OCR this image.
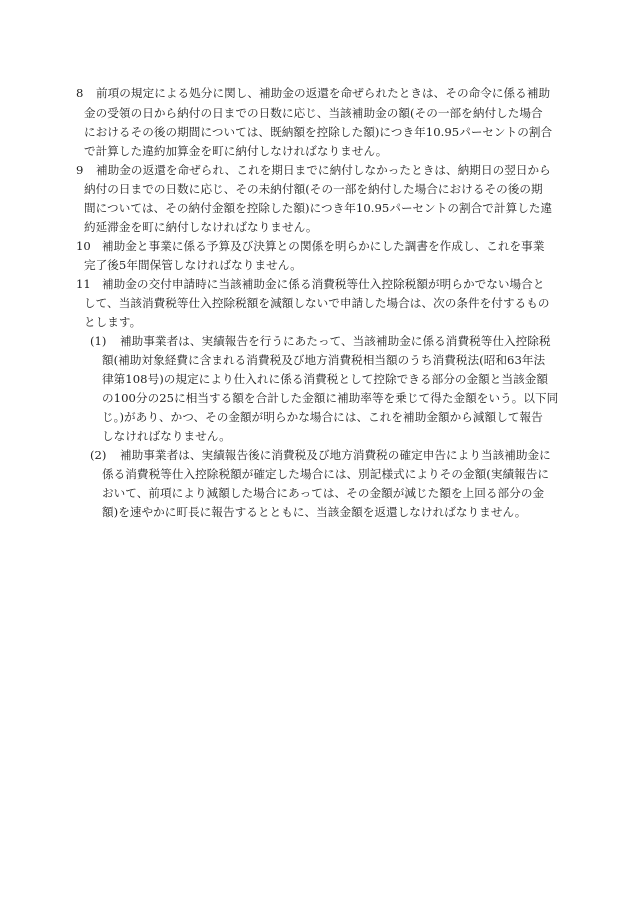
8 前項の規定による処分に関し、補助金の返還を命ぜられたときは、その命令に係る補助
金の受領の日から納付の日までの日数に応じ、当該補助金の額(その一部を納付した場合
におけるその後の期間については、既納額を控除した額)につき年10.95パーセントの割合
で計算した違約加算金を町に納付しなければなりません。
9 補助金の返還を命ぜられ、これを期日までに納付しなかったときは、納期日の翌日から
納付の日までの日数に応じ、その未納付額(その一部を納付した場合におけるその後の期
間については、その納付金額を控除した額)につき年10.95パーセントの割合で計算した違
約延滞金を町に納付しなければなりません。
10 補助金と事業に係る予算及び決算との関係を明らかにした調書を作成し、これを事業
完了後5年間保管しなければなりません。
11 補助金の交付申請時に当該補助金に係る消費税等仕入控除税額が明らかでない場合と
して、当該消費税等仕入控除税額を減額しないで申請した場合は、次の条件を付するもの
とします。
(1) 補助事業者は、実績報告を行うにあたって、当該補助金に係る消費税等仕入控除税
額(補助対象経費に含まれる消費税及び地方消費税相当額のうち消費税法(昭和63年法
律第108号)の規定により仕入れに係る消費税として控除できる部分の金額と当該金額
の100分の25に相当する額を合計した金額に補助率等を乗じて得た金額をいう。以下同
じ。)があり、かつ、その金額が明らかな場合には、これを補助金額から減額して報告
しなければなりません。
(2) 補助事業者は、実績報告後に消費税及び地方消費税の確定申告により当該補助金に
係る消費税等仕入控除税額が確定した場合には、別記様式によりその金額(実績報告に
おいて、前項により減額した場合にあっては、その金額が減じた額を上回る部分の金
額)を速やかに町長に報告するとともに、当該金額を返還しなければなりません。
